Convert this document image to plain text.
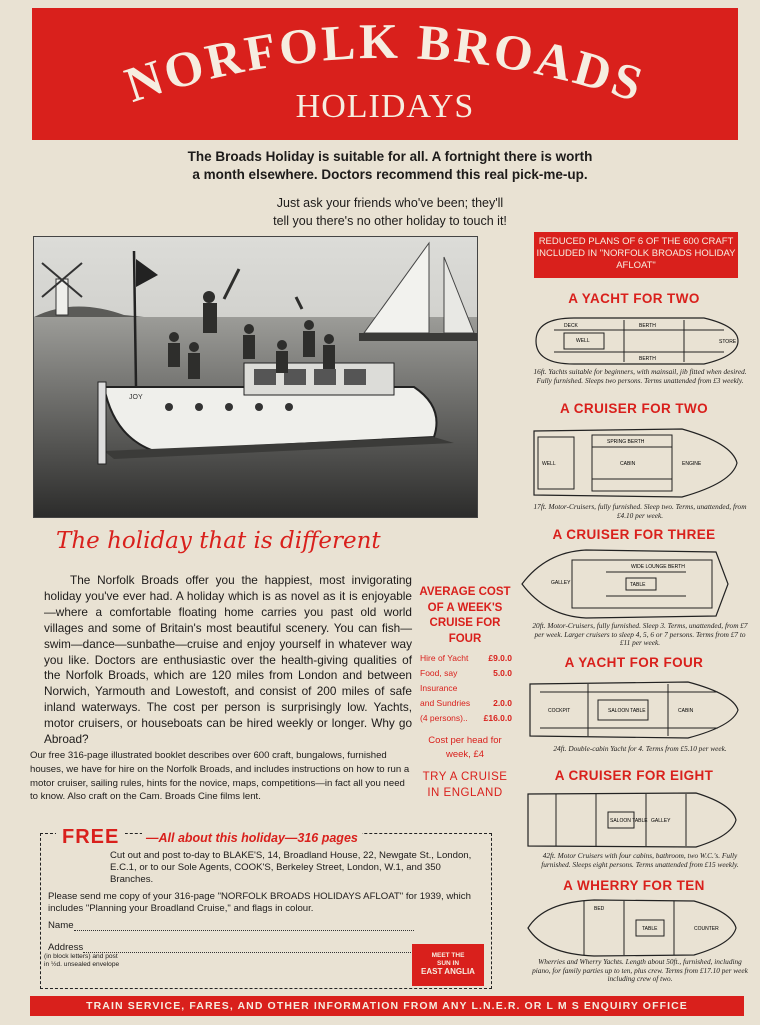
NORFOLK BROADS
HOLIDAYS
The Broads Holiday is suitable for all. A fortnight there is worth
a month elsewhere. Doctors recommend this real pick-me-up.
Just ask your friends who've been; they'll
tell you there's no other holiday to touch it!
REDUCED PLANS OF 6 OF THE 600 CRAFT INCLUDED IN "NORFOLK BROADS HOLIDAY AFLOAT"
JOY
The holiday that is different
The Norfolk Broads offer you the happiest, most invigorating holiday you've ever had. A holiday which is as novel as it is enjoyable—where a comfortable floating home carries you past old world villages and some of Britain's most beautiful scenery. You can fish—swim—dance—sunbathe—cruise and enjoy yourself in whatever way you like. Doctors are enthusiastic over the health-giving qualities of the Norfolk Broads, which are 120 miles from London and between Norwich, Yarmouth and Lowestoft, and consist of 200 miles of safe inland waterways. The cost per person is surprisingly low. Yachts, motor cruisers, or houseboats can be hired weekly or longer. Why go Abroad?
Our free 316-page illustrated booklet describes over 600 craft, bungalows, furnished houses, we have for hire on the Norfolk Broads, and includes instructions on how to run a motor cruiser, sailing rules, hints for the novice, maps, competitions—in fact all you need to know. Also craft on the Cam. Broads Cine films lent.
AVERAGE COST OF A WEEK'S CRUISE FOR FOUR
Hire of Yacht £9.0.0
Food, say	5.0.0
Insurance
and Sundries	2.0.0
(4 persons).. £16.0.0
Cost per head for week, £4
TRY A CRUISE IN ENGLAND
FREE	—All about this holiday—316 pages
Cut out and post to-day to BLAKE'S, 14, Broadland House, 22, Newgate St., London, E.C.1, or to our Sole Agents, COOK'S, Berkeley Street, London, W.1, and 350 Branches.
Please send me copy of your 316-page "NORFOLK BROADS HOLIDAYS AFLOAT" for 1939, which includes "Planning your Broadland Cruise," and flags in colour.
Name
Address
(in block letters) and post
in ½d. unsealed envelope
MEET THE
SUN IN
EAST ANGLIA
A YACHT FOR TWO
DECK
WELL
BERTH
BERTH
STORE
16ft. Yachts suitable for beginners, with mainsail, jib fitted when desired. Fully furnished. Sleeps two persons. Terms unattended from £3 weekly.
A CRUISER FOR TWO
WELL
SPRING BERTH
CABIN	ENGINE
17ft. Motor-Cruisers, fully furnished. Sleep two. Terms, unattended, from £4.10 per week.
A CRUISER FOR THREE
WIDE LOUNGE BERTH
GALLEY	TABLE
20ft. Motor-Cruisers, fully furnished. Sleep 3. Terms, unattended, from £7 per week. Larger cruisers to sleep 4, 5, 6 or 7 persons. Terms from £7 to £11 per week.
A YACHT FOR FOUR
COCKPIT	SALOON TABLE	CABIN
24ft. Double-cabin Yacht for 4. Terms from £5.10 per week.
A CRUISER FOR EIGHT
SALOON TABLE GALLEY
42ft. Motor Cruisers with four cabins, bathroom, two W.C.'s. Fully furnished. Sleeps eight persons. Terms unattended from £15 weekly.
A WHERRY FOR TEN
BED
TABLE	COUNTER
Wherries and Wherry Yachts. Length about 50ft., furnished, including piano, for family parties up to ten, plus crew. Terms from £17.10 per week including crew of two.
TRAIN SERVICE, FARES, AND OTHER INFORMATION FROM ANY L.N.E.R. OR L M S ENQUIRY OFFICE
